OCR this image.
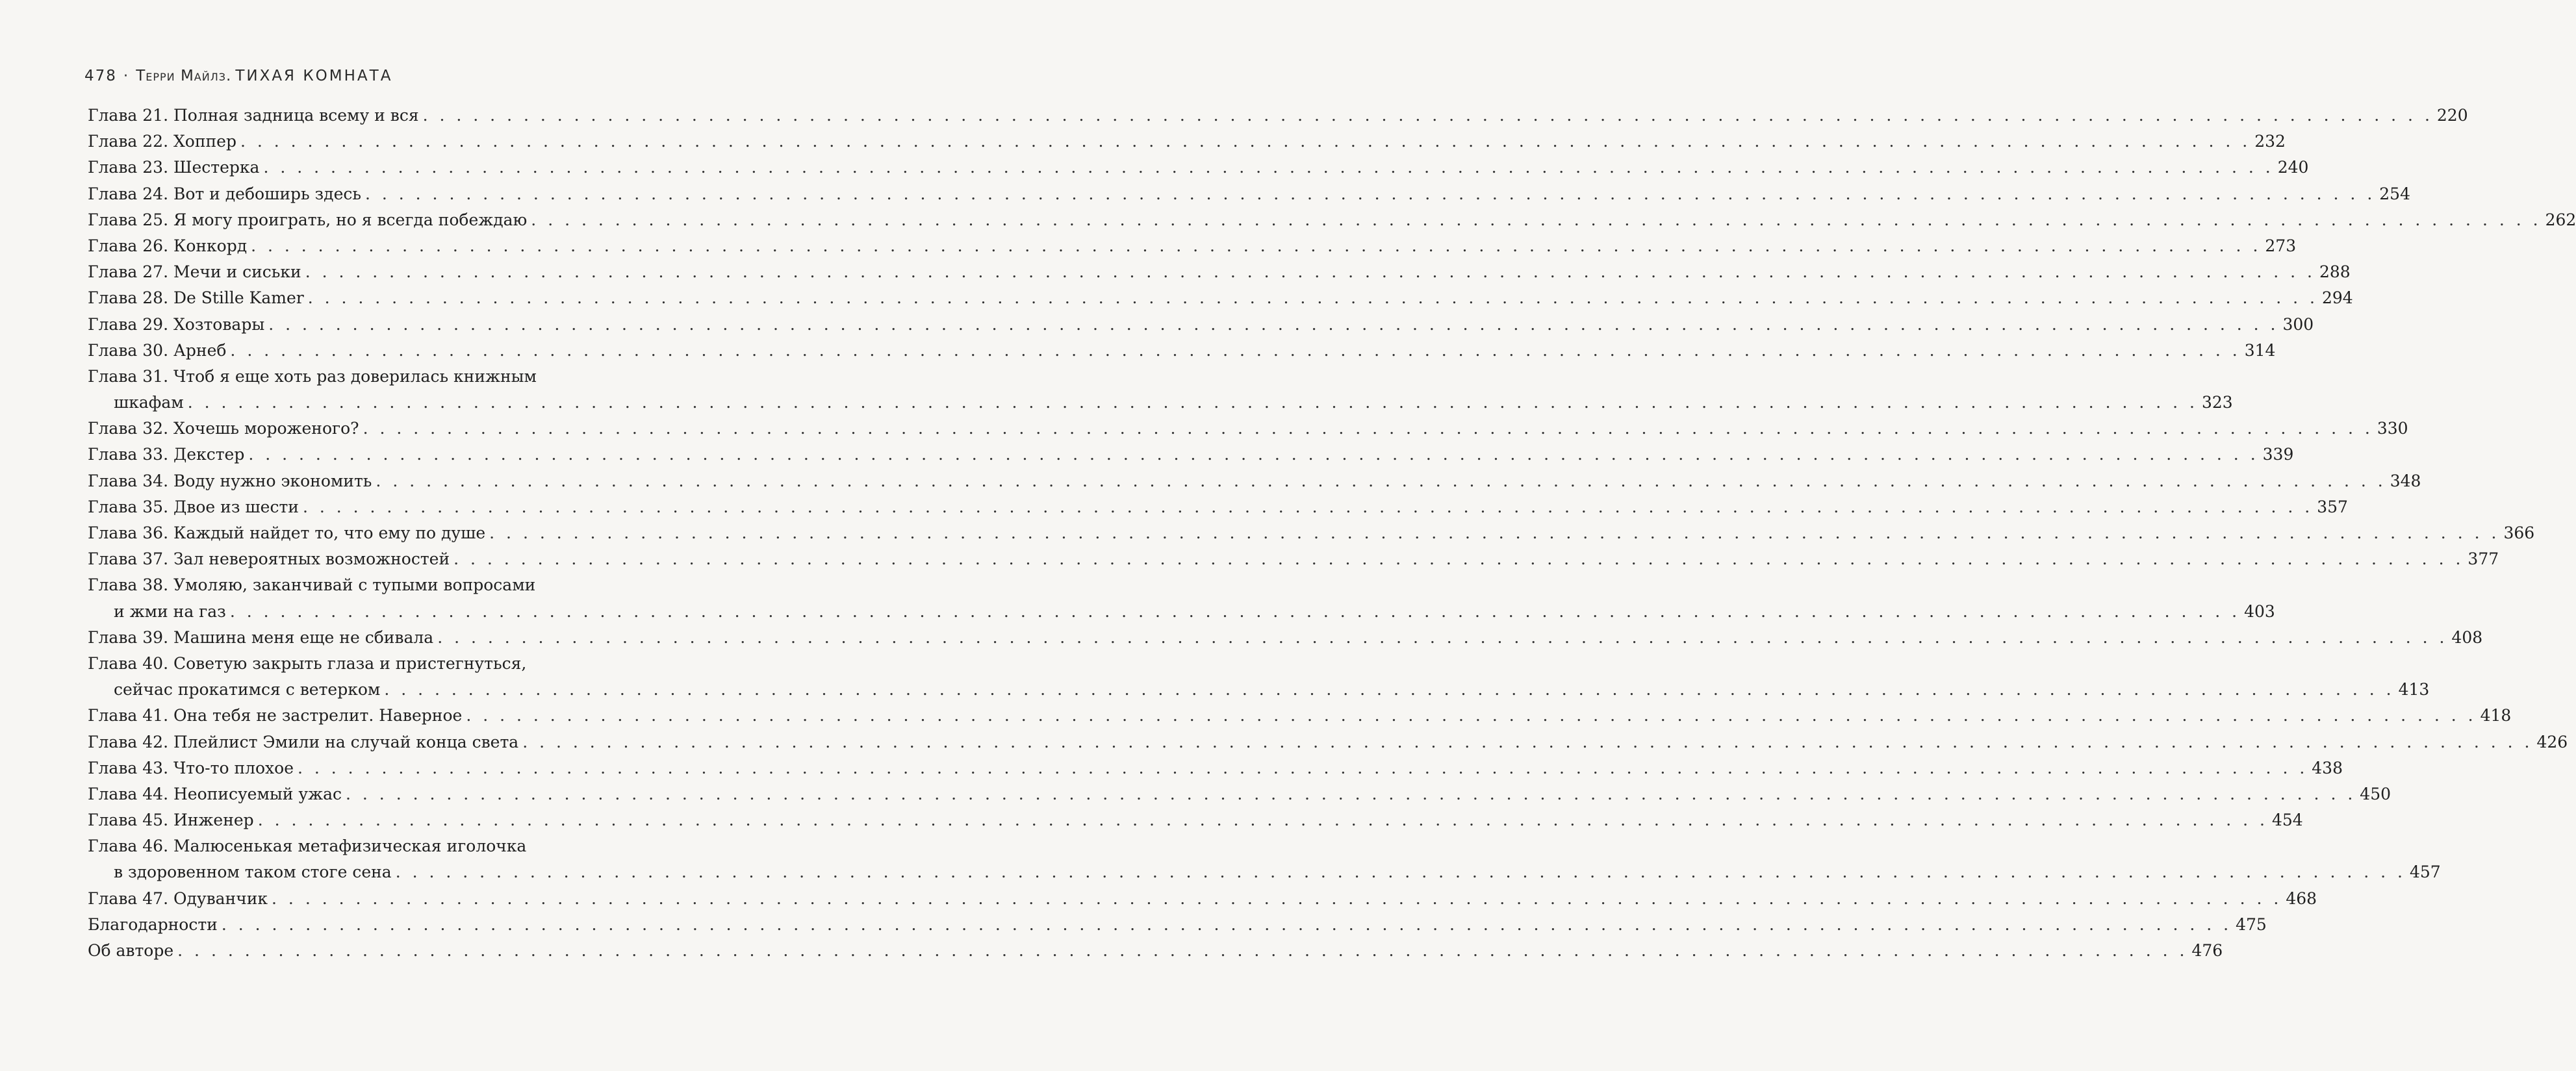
478 · Терри Майлз. ТИХАЯ КОМНАТА
Глава 21. Полная задница всему и вся . . . . . . . . . . . . . . . . . . . . . . . . . . . . . . . . . . . . . . . . . . . . . . . . . . . . . . . . . . . . . . . . . . . . . . . . . . . . . . . . . . . . . . . . . . . . . . . . . . . . . . . . . . . . . . . . . . . . . . . . 220
Глава 22. Хоппер . . . . . . . . . . . . . . . . . . . . . . . . . . . . . . . . . . . . . . . . . . . . . . . . . . . . . . . . . . . . . . . . . . . . . . . . . . . . . . . . . . . . . . . . . . . . . . . . . . . . . . . . . . . . . . . . . . . . . . . . 232
Глава 23. Шестерка . . . . . . . . . . . . . . . . . . . . . . . . . . . . . . . . . . . . . . . . . . . . . . . . . . . . . . . . . . . . . . . . . . . . . . . . . . . . . . . . . . . . . . . . . . . . . . . . . . . . . . . . . . . . . . . . . . . . . . . . 240
Глава 24. Вот и дебоширь здесь . . . . . . . . . . . . . . . . . . . . . . . . . . . . . . . . . . . . . . . . . . . . . . . . . . . . . . . . . . . . . . . . . . . . . . . . . . . . . . . . . . . . . . . . . . . . . . . . . . . . . . . . . . . . . . . . . . . . . . . . 254
Глава 25. Я могу проиграть, но я всегда побеждаю . . . . . . . . . . . . . . . . . . . . . . . . . . . . . . . . . . . . . . . . . . . . . . . . . . . . . . . . . . . . . . . . . . . . . . . . . . . . . . . . . . . . . . . . . . . . . . . . . . . . . . . . . . . . . . . . . . . . . . . . 262
Глава 26. Конкорд . . . . . . . . . . . . . . . . . . . . . . . . . . . . . . . . . . . . . . . . . . . . . . . . . . . . . . . . . . . . . . . . . . . . . . . . . . . . . . . . . . . . . . . . . . . . . . . . . . . . . . . . . . . . . . . . . . . . . . . . 273
Глава 27. Мечи и сиськи . . . . . . . . . . . . . . . . . . . . . . . . . . . . . . . . . . . . . . . . . . . . . . . . . . . . . . . . . . . . . . . . . . . . . . . . . . . . . . . . . . . . . . . . . . . . . . . . . . . . . . . . . . . . . . . . . . . . . . . . 288
Глава 28. De Stille Kamer . . . . . . . . . . . . . . . . . . . . . . . . . . . . . . . . . . . . . . . . . . . . . . . . . . . . . . . . . . . . . . . . . . . . . . . . . . . . . . . . . . . . . . . . . . . . . . . . . . . . . . . . . . . . . . . . . . . . . . . . 294
Глава 29. Хозтовары . . . . . . . . . . . . . . . . . . . . . . . . . . . . . . . . . . . . . . . . . . . . . . . . . . . . . . . . . . . . . . . . . . . . . . . . . . . . . . . . . . . . . . . . . . . . . . . . . . . . . . . . . . . . . . . . . . . . . . . . 300
Глава 30. Арнеб . . . . . . . . . . . . . . . . . . . . . . . . . . . . . . . . . . . . . . . . . . . . . . . . . . . . . . . . . . . . . . . . . . . . . . . . . . . . . . . . . . . . . . . . . . . . . . . . . . . . . . . . . . . . . . . . . . . . . . . . 314
Глава 31. Чтоб я еще хоть раз доверилась книжным
шкафам . . . . . . . . . . . . . . . . . . . . . . . . . . . . . . . . . . . . . . . . . . . . . . . . . . . . . . . . . . . . . . . . . . . . . . . . . . . . . . . . . . . . . . . . . . . . . . . . . . . . . . . . . . . . . . . . . . . . . . . . 323
Глава 32. Хочешь мороженого? . . . . . . . . . . . . . . . . . . . . . . . . . . . . . . . . . . . . . . . . . . . . . . . . . . . . . . . . . . . . . . . . . . . . . . . . . . . . . . . . . . . . . . . . . . . . . . . . . . . . . . . . . . . . . . . . . . . . . . . . 330
Глава 33. Декстер . . . . . . . . . . . . . . . . . . . . . . . . . . . . . . . . . . . . . . . . . . . . . . . . . . . . . . . . . . . . . . . . . . . . . . . . . . . . . . . . . . . . . . . . . . . . . . . . . . . . . . . . . . . . . . . . . . . . . . . . 339
Глава 34. Воду нужно экономить . . . . . . . . . . . . . . . . . . . . . . . . . . . . . . . . . . . . . . . . . . . . . . . . . . . . . . . . . . . . . . . . . . . . . . . . . . . . . . . . . . . . . . . . . . . . . . . . . . . . . . . . . . . . . . . . . . . . . . . . 348
Глава 35. Двое из шести . . . . . . . . . . . . . . . . . . . . . . . . . . . . . . . . . . . . . . . . . . . . . . . . . . . . . . . . . . . . . . . . . . . . . . . . . . . . . . . . . . . . . . . . . . . . . . . . . . . . . . . . . . . . . . . . . . . . . . . . 357
Глава 36. Каждый найдет то, что ему по душе . . . . . . . . . . . . . . . . . . . . . . . . . . . . . . . . . . . . . . . . . . . . . . . . . . . . . . . . . . . . . . . . . . . . . . . . . . . . . . . . . . . . . . . . . . . . . . . . . . . . . . . . . . . . . . . . . . . . . . . . 366
Глава 37. Зал невероятных возможностей . . . . . . . . . . . . . . . . . . . . . . . . . . . . . . . . . . . . . . . . . . . . . . . . . . . . . . . . . . . . . . . . . . . . . . . . . . . . . . . . . . . . . . . . . . . . . . . . . . . . . . . . . . . . . . . . . . . . . . . . 377
Глава 38. Умоляю, заканчивай с тупыми вопросами
и жми на газ . . . . . . . . . . . . . . . . . . . . . . . . . . . . . . . . . . . . . . . . . . . . . . . . . . . . . . . . . . . . . . . . . . . . . . . . . . . . . . . . . . . . . . . . . . . . . . . . . . . . . . . . . . . . . . . . . . . . . . . . 403
Глава 39. Машина меня еще не сбивала . . . . . . . . . . . . . . . . . . . . . . . . . . . . . . . . . . . . . . . . . . . . . . . . . . . . . . . . . . . . . . . . . . . . . . . . . . . . . . . . . . . . . . . . . . . . . . . . . . . . . . . . . . . . . . . . . . . . . . . . 408
Глава 40. Советую закрыть глаза и пристегнуться,
сейчас прокатимся с ветерком . . . . . . . . . . . . . . . . . . . . . . . . . . . . . . . . . . . . . . . . . . . . . . . . . . . . . . . . . . . . . . . . . . . . . . . . . . . . . . . . . . . . . . . . . . . . . . . . . . . . . . . . . . . . . . . . . . . . . . . . 413
Глава 41. Она тебя не застрелит. Наверное . . . . . . . . . . . . . . . . . . . . . . . . . . . . . . . . . . . . . . . . . . . . . . . . . . . . . . . . . . . . . . . . . . . . . . . . . . . . . . . . . . . . . . . . . . . . . . . . . . . . . . . . . . . . . . . . . . . . . . . . 418
Глава 42. Плейлист Эмили на случай конца света . . . . . . . . . . . . . . . . . . . . . . . . . . . . . . . . . . . . . . . . . . . . . . . . . . . . . . . . . . . . . . . . . . . . . . . . . . . . . . . . . . . . . . . . . . . . . . . . . . . . . . . . . . . . . . . . . . . . . . . . 426
Глава 43. Что-то плохое . . . . . . . . . . . . . . . . . . . . . . . . . . . . . . . . . . . . . . . . . . . . . . . . . . . . . . . . . . . . . . . . . . . . . . . . . . . . . . . . . . . . . . . . . . . . . . . . . . . . . . . . . . . . . . . . . . . . . . . . 438
Глава 44. Неописуемый ужас . . . . . . . . . . . . . . . . . . . . . . . . . . . . . . . . . . . . . . . . . . . . . . . . . . . . . . . . . . . . . . . . . . . . . . . . . . . . . . . . . . . . . . . . . . . . . . . . . . . . . . . . . . . . . . . . . . . . . . . . 450
Глава 45. Инженер . . . . . . . . . . . . . . . . . . . . . . . . . . . . . . . . . . . . . . . . . . . . . . . . . . . . . . . . . . . . . . . . . . . . . . . . . . . . . . . . . . . . . . . . . . . . . . . . . . . . . . . . . . . . . . . . . . . . . . . . 454
Глава 46. Малюсенькая метафизическая иголочка
в здоровенном таком стоге сена . . . . . . . . . . . . . . . . . . . . . . . . . . . . . . . . . . . . . . . . . . . . . . . . . . . . . . . . . . . . . . . . . . . . . . . . . . . . . . . . . . . . . . . . . . . . . . . . . . . . . . . . . . . . . . . . . . . . . . . . 457
Глава 47. Одуванчик . . . . . . . . . . . . . . . . . . . . . . . . . . . . . . . . . . . . . . . . . . . . . . . . . . . . . . . . . . . . . . . . . . . . . . . . . . . . . . . . . . . . . . . . . . . . . . . . . . . . . . . . . . . . . . . . . . . . . . . . 468
Благодарности . . . . . . . . . . . . . . . . . . . . . . . . . . . . . . . . . . . . . . . . . . . . . . . . . . . . . . . . . . . . . . . . . . . . . . . . . . . . . . . . . . . . . . . . . . . . . . . . . . . . . . . . . . . . . . . . . . . . . . . . 475
Об авторе . . . . . . . . . . . . . . . . . . . . . . . . . . . . . . . . . . . . . . . . . . . . . . . . . . . . . . . . . . . . . . . . . . . . . . . . . . . . . . . . . . . . . . . . . . . . . . . . . . . . . . . . . . . . . . . . . . . . . . . . 476
